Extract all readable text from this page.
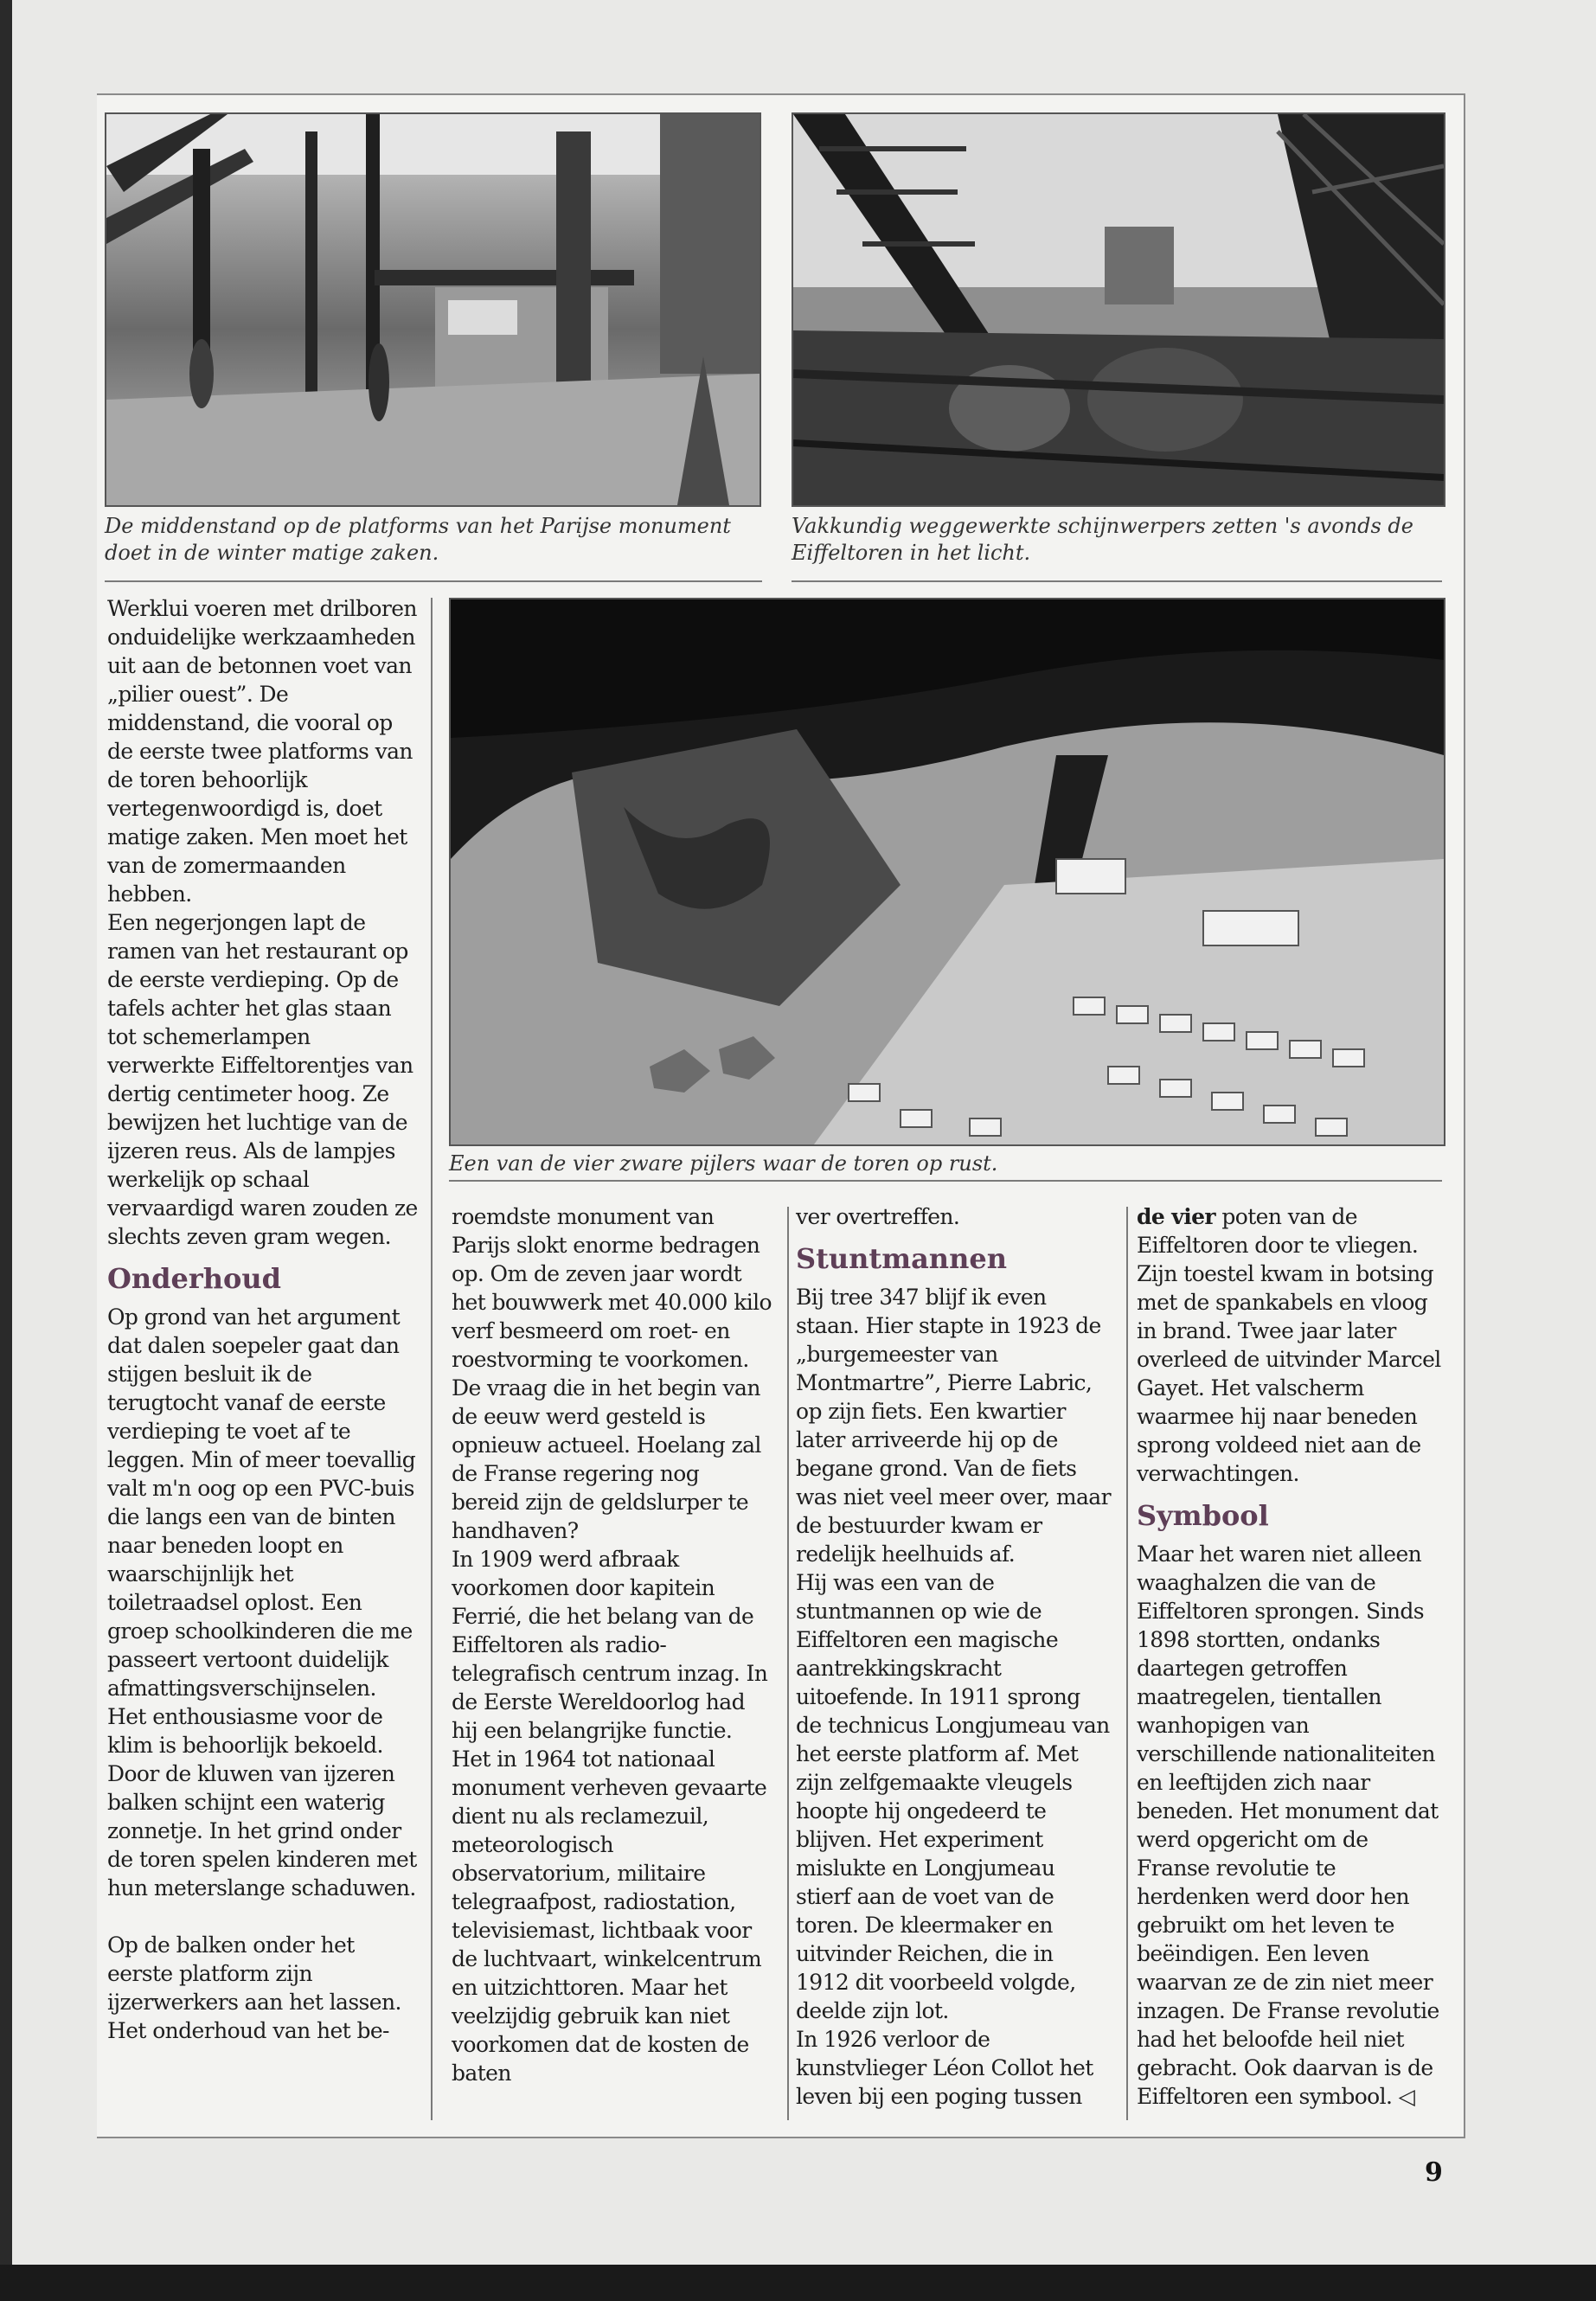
De middenstand op de platforms van het Parijse monument doet in de winter matige zaken.
Vakkundig weggewerkte schijnwerpers zetten 's avonds de Eiffeltoren in het licht.
Een van de vier zware pijlers waar de toren op rust.

Werklui voeren met drilboren onduidelijke werkzaamheden uit aan de betonnen voet van „pilier ouest”. De middenstand, die vooral op de eerste twee platforms van de toren behoorlijk vertegenwoordigd is, doet matige zaken. Men moet het van de zomermaanden hebben.

Een negerjongen lapt de ramen van het restaurant op de eerste verdieping. Op de tafels achter het glas staan tot schemerlampen verwerkte Eiffeltorentjes van dertig centimeter hoog. Ze bewijzen het luchtige van de ijzeren reus. Als de lampjes werkelijk op schaal vervaardigd waren zouden ze slechts zeven gram wegen.

Onderhoud

Op grond van het argument dat dalen soepeler gaat dan stijgen besluit ik de terugtocht vanaf de eerste verdieping te voet af te leggen. Min of meer toevallig valt m'n oog op een PVC-buis die langs een van de binten naar beneden loopt en waarschijnlijk het toiletraadsel oplost. Een groep schoolkinderen die me passeert vertoont duidelijk afmattingsverschijnselen. Het enthousiasme voor de klim is behoorlijk bekoeld. Door de kluwen van ijzeren balken schijnt een waterig zonnetje. In het grind onder de toren spelen kinderen met hun meterslange schaduwen.

Op de balken onder het eerste platform zijn ijzerwerkers aan het lassen. Het onderhoud van het be-

roemdste monument van Parijs slokt enorme bedragen op. Om de zeven jaar wordt het bouwwerk met 40.000 kilo verf besmeerd om roet- en roestvorming te voorkomen. De vraag die in het begin van de eeuw werd gesteld is opnieuw actueel. Hoelang zal de Franse regering nog bereid zijn de geldslurper te handhaven?

In 1909 werd afbraak voorkomen door kapitein Ferrié, die het belang van de Eiffeltoren als radio-telegrafisch centrum inzag. In de Eerste Wereldoorlog had hij een belangrijke functie. Het in 1964 tot nationaal monument verheven gevaarte dient nu als reclamezuil, meteorologisch observatorium, militaire telegraafpost, radiostation, televisiemast, lichtbaak voor de luchtvaart, winkelcentrum en uitzichttoren. Maar het veelzijdig gebruik kan niet voorkomen dat de kosten de baten

ver overtreffen.

Stuntmannen

Bij tree 347 blijf ik even staan. Hier stapte in 1923 de „burgemeester van Montmartre”, Pierre Labric, op zijn fiets. Een kwartier later arriveerde hij op de begane grond. Van de fiets was niet veel meer over, maar de bestuurder kwam er redelijk heelhuids af.

Hij was een van de stuntmannen op wie de Eiffeltoren een magische aantrekkingskracht uitoefende. In 1911 sprong de technicus Longjumeau van het eerste platform af. Met zijn zelfgemaakte vleugels hoopte hij ongedeerd te blijven. Het experiment mislukte en Longjumeau stierf aan de voet van de toren. De kleermaker en uitvinder Reichen, die in 1912 dit voorbeeld volgde, deelde zijn lot.

In 1926 verloor de kunstvlieger Léon Collot het leven bij een poging tussen

de vier poten van de Eiffeltoren door te vliegen. Zijn toestel kwam in botsing met de spankabels en vloog in brand. Twee jaar later overleed de uitvinder Marcel Gayet. Het valscherm waarmee hij naar beneden sprong voldeed niet aan de verwachtingen.

Symbool

Maar het waren niet alleen waaghalzen die van de Eiffeltoren sprongen. Sinds 1898 stortten, ondanks daartegen getroffen maatregelen, tientallen wanhopigen van verschillende nationaliteiten en leeftijden zich naar beneden. Het monument dat werd opgericht om de Franse revolutie te herdenken werd door hen gebruikt om het leven te beëindigen. Een leven waarvan ze de zin niet meer inzagen. De Franse revolutie had het beloofde heil niet gebracht. Ook daarvan is de Eiffeltoren een symbool. ◁

9
